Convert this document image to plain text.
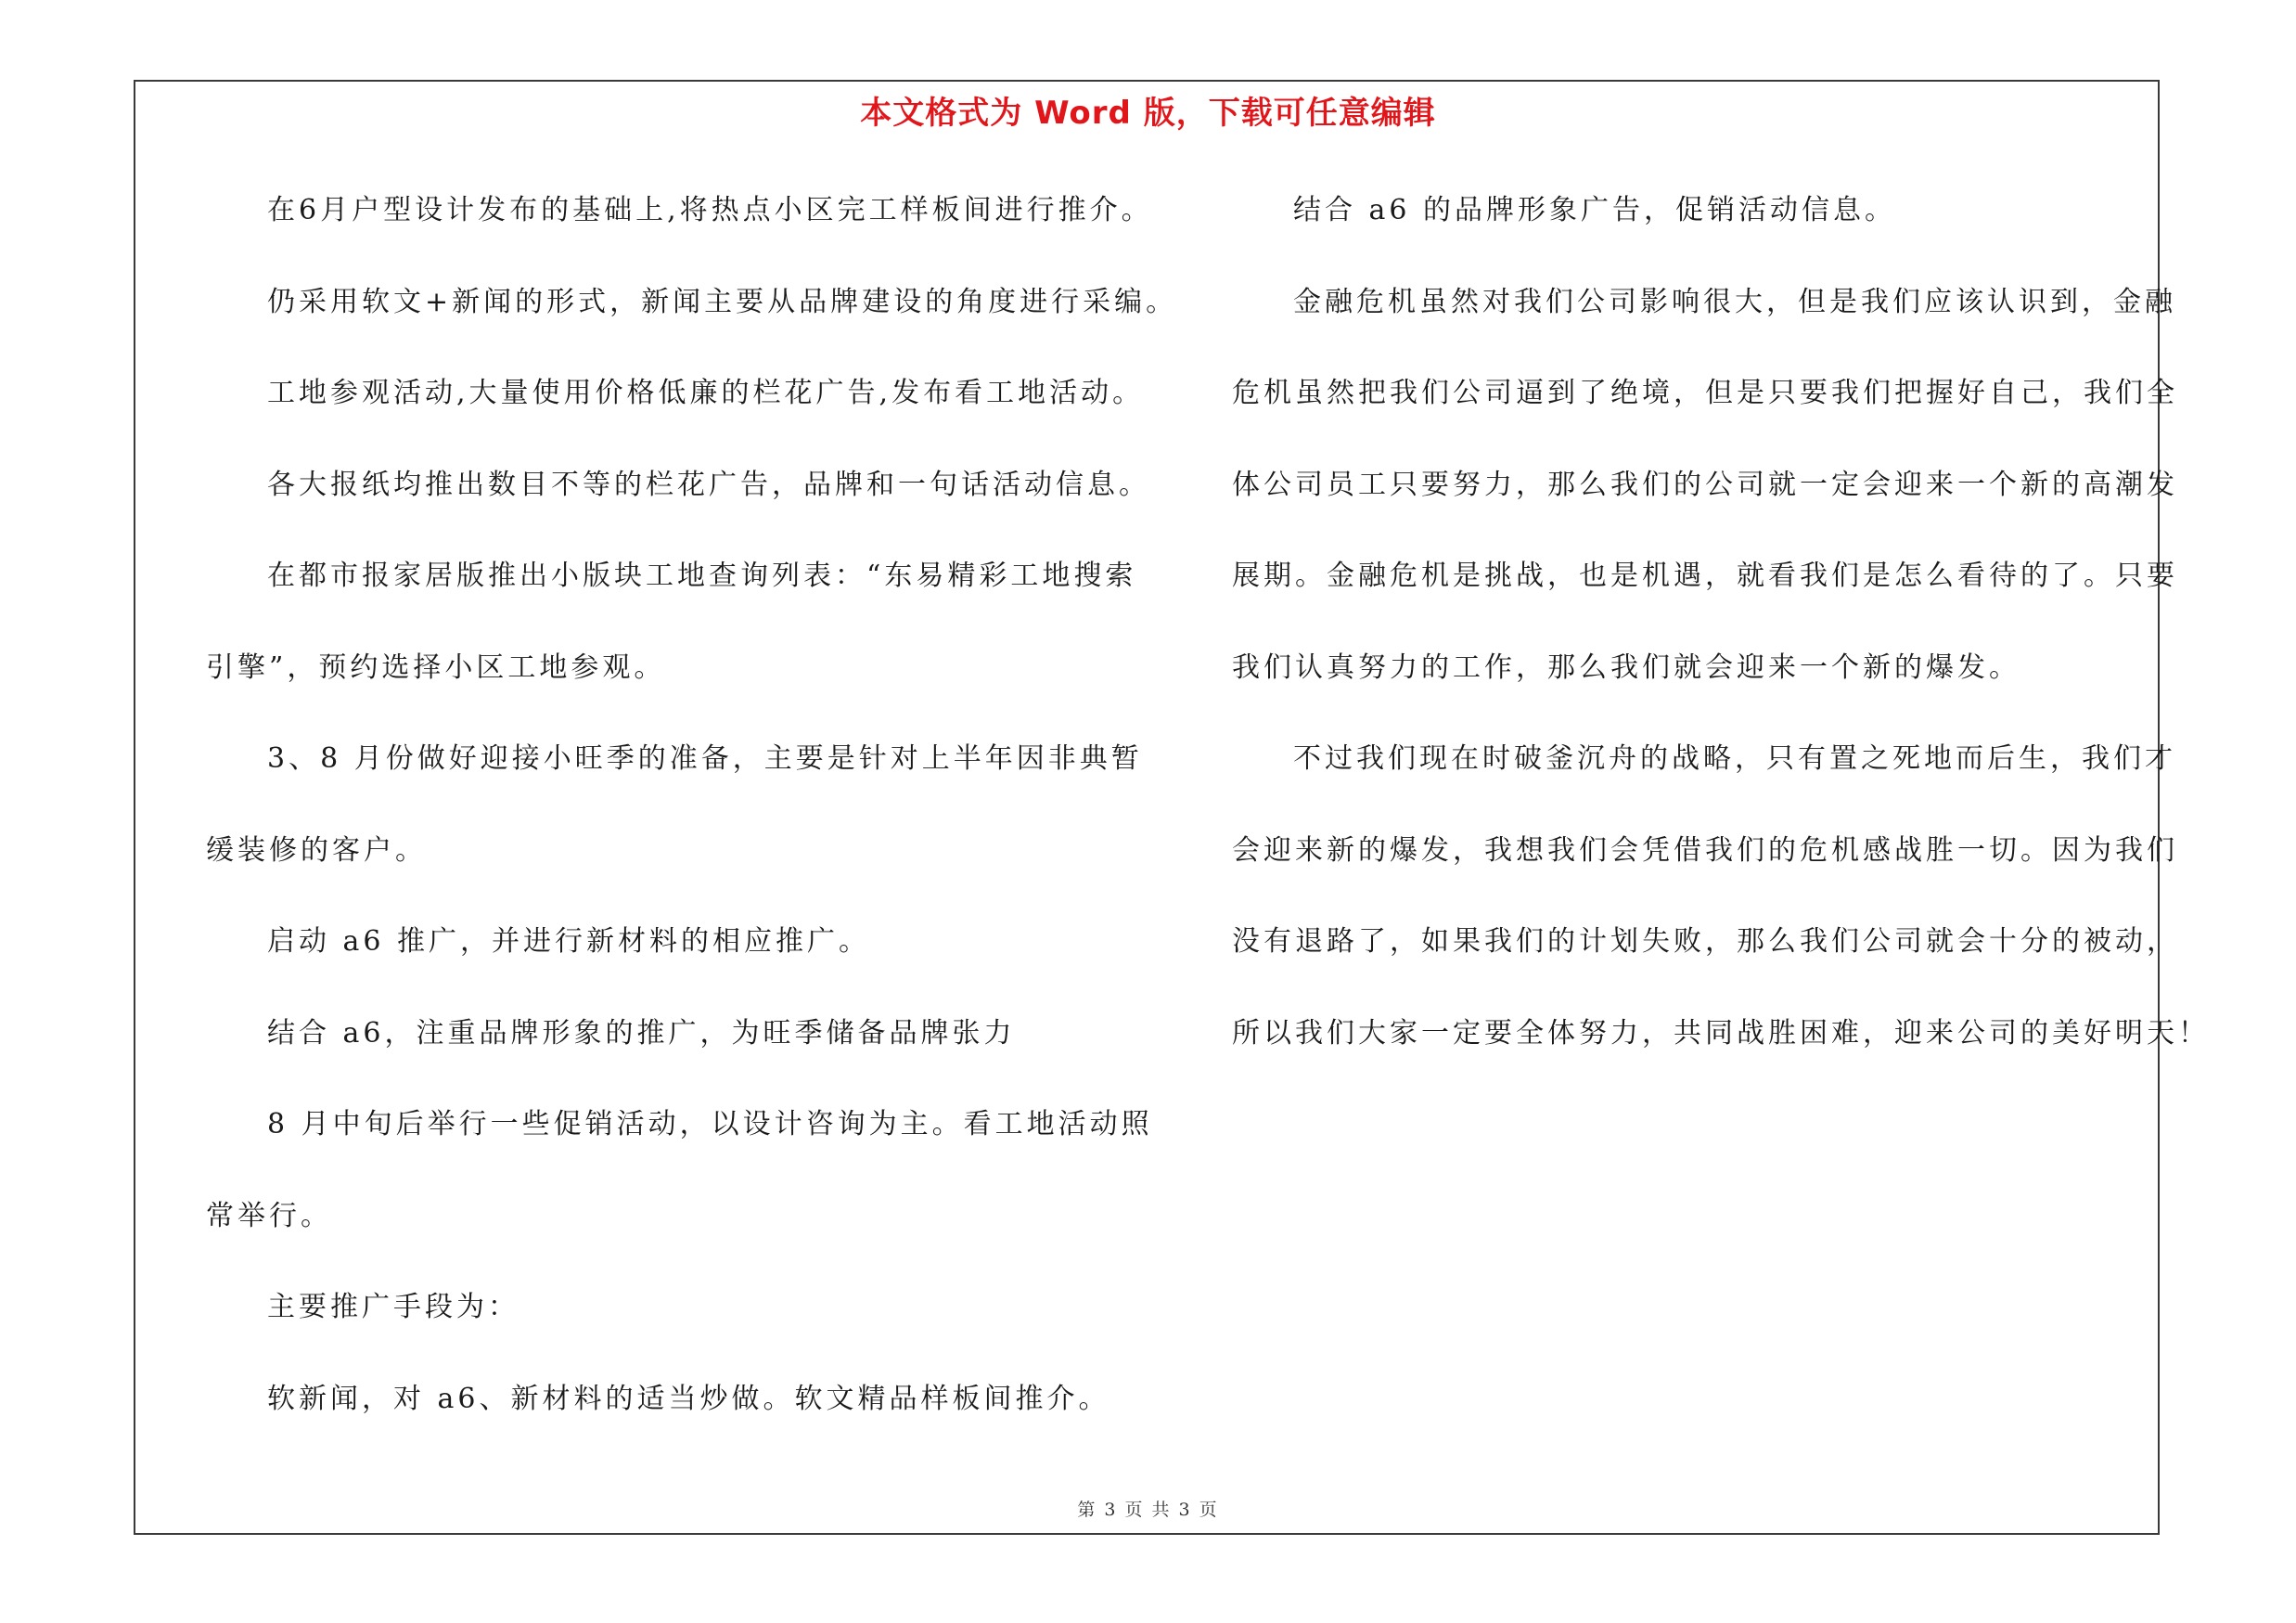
本文格式为 Word 版，下载可任意编辑
在6月户型设计发布的基础上,将热点小区完工样板间进行推介。
仍采用软文+新闻的形式，新闻主要从品牌建设的角度进行采编。
工地参观活动,大量使用价格低廉的栏花广告,发布看工地活动。
各大报纸均推出数目不等的栏花广告，品牌和一句话活动信息。
在都市报家居版推出小版块工地查询列表：“东易精彩工地搜索
引擎”，预约选择小区工地参观。
3、8 月份做好迎接小旺季的准备，主要是针对上半年因非典暂
缓装修的客户。
启动 a6 推广，并进行新材料的相应推广。
结合 a6，注重品牌形象的推广，为旺季储备品牌张力
8 月中旬后举行一些促销活动，以设计咨询为主。看工地活动照
常举行。
主要推广手段为：
软新闻，对 a6、新材料的适当炒做。软文精品样板间推介。
结合 a6 的品牌形象广告，促销活动信息。
金融危机虽然对我们公司影响很大，但是我们应该认识到，金融
危机虽然把我们公司逼到了绝境，但是只要我们把握好自己，我们全
体公司员工只要努力，那么我们的公司就一定会迎来一个新的高潮发
展期。金融危机是挑战，也是机遇，就看我们是怎么看待的了。只要
我们认真努力的工作，那么我们就会迎来一个新的爆发。
不过我们现在时破釜沉舟的战略，只有置之死地而后生，我们才
会迎来新的爆发，我想我们会凭借我们的危机感战胜一切。因为我们
没有退路了，如果我们的计划失败，那么我们公司就会十分的被动，
所以我们大家一定要全体努力，共同战胜困难，迎来公司的美好明天！
第 3 页 共 3 页
